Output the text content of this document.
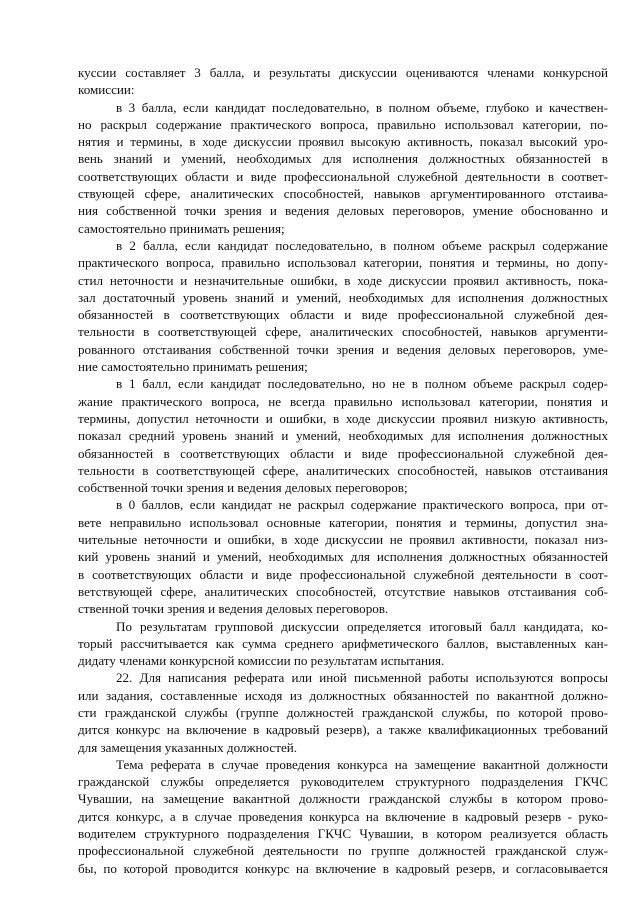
куссии составляет 3 балла, и результаты дискуссии оцениваются членами конкурсной
комиссии:
в 3 балла, если кандидат последовательно, в полном объеме, глубоко и качествен-
но раскрыл содержание практического вопроса, правильно использовал категории, по-
нятия и термины, в ходе дискуссии проявил высокую активность, показал высокий уро-
вень знаний и умений, необходимых для исполнения должностных обязанностей в
соответствующих области и виде профессиональной служебной деятельности в соответ-
ствующей сфере, аналитических способностей, навыков аргументированного отстаива-
ния собственной точки зрения и ведения деловых переговоров, умение обоснованно и
самостоятельно принимать решения;
в 2 балла, если кандидат последовательно, в полном объеме раскрыл содержание
практического вопроса, правильно использовал категории, понятия и термины, но допу-
стил неточности и незначительные ошибки, в ходе дискуссии проявил активность, пока-
зал достаточный уровень знаний и умений, необходимых для исполнения должностных
обязанностей в соответствующих области и виде профессиональной служебной дея-
тельности в соответствующей сфере, аналитических способностей, навыков аргументи-
рованного отстаивания собственной точки зрения и ведения деловых переговоров, уме-
ние самостоятельно принимать решения;
в 1 балл, если кандидат последовательно, но не в полном объеме раскрыл содер-
жание практического вопроса, не всегда правильно использовал категории, понятия и
термины, допустил неточности и ошибки, в ходе дискуссии проявил низкую активность,
показал средний уровень знаний и умений, необходимых для исполнения должностных
обязанностей в соответствующих области и виде профессиональной служебной дея-
тельности в соответствующей сфере, аналитических способностей, навыков отстаивания
собственной точки зрения и ведения деловых переговоров;
в 0 баллов, если кандидат не раскрыл содержание практического вопроса, при от-
вете неправильно использовал основные категории, понятия и термины, допустил зна-
чительные неточности и ошибки, в ходе дискуссии не проявил активности, показал низ-
кий уровень знаний и умений, необходимых для исполнения должностных обязанностей
в соответствующих области и виде профессиональной служебной деятельности в соот-
ветствующей сфере, аналитических способностей, отсутствие навыков отстаивания соб-
ственной точки зрения и ведения деловых переговоров.
По результатам групповой дискуссии определяется итоговый балл кандидата, ко-
торый рассчитывается как сумма среднего арифметического баллов, выставленных кан-
дидату членами конкурсной комиссии по результатам испытания.
22. Для написания реферата или иной письменной работы используются вопросы
или задания, составленные исходя из должностных обязанностей по вакантной должно-
сти гражданской службы (группе должностей гражданской службы, по которой прово-
дится конкурс на включение в кадровый резерв), а также квалификационных требований
для замещения указанных должностей.
Тема реферата в случае проведения конкурса на замещение вакантной должности
гражданской службы определяется руководителем структурного подразделения ГКЧС
Чувашии, на замещение вакантной должности гражданской службы в котором прово-
дится конкурс, а в случае проведения конкурса на включение в кадровый резерв - руко-
водителем структурного подразделения ГКЧС Чувашии, в котором реализуется область
профессиональной служебной деятельности по группе должностей гражданской служ-
бы, по которой проводится конкурс на включение в кадровый резерв, и согласовывается
